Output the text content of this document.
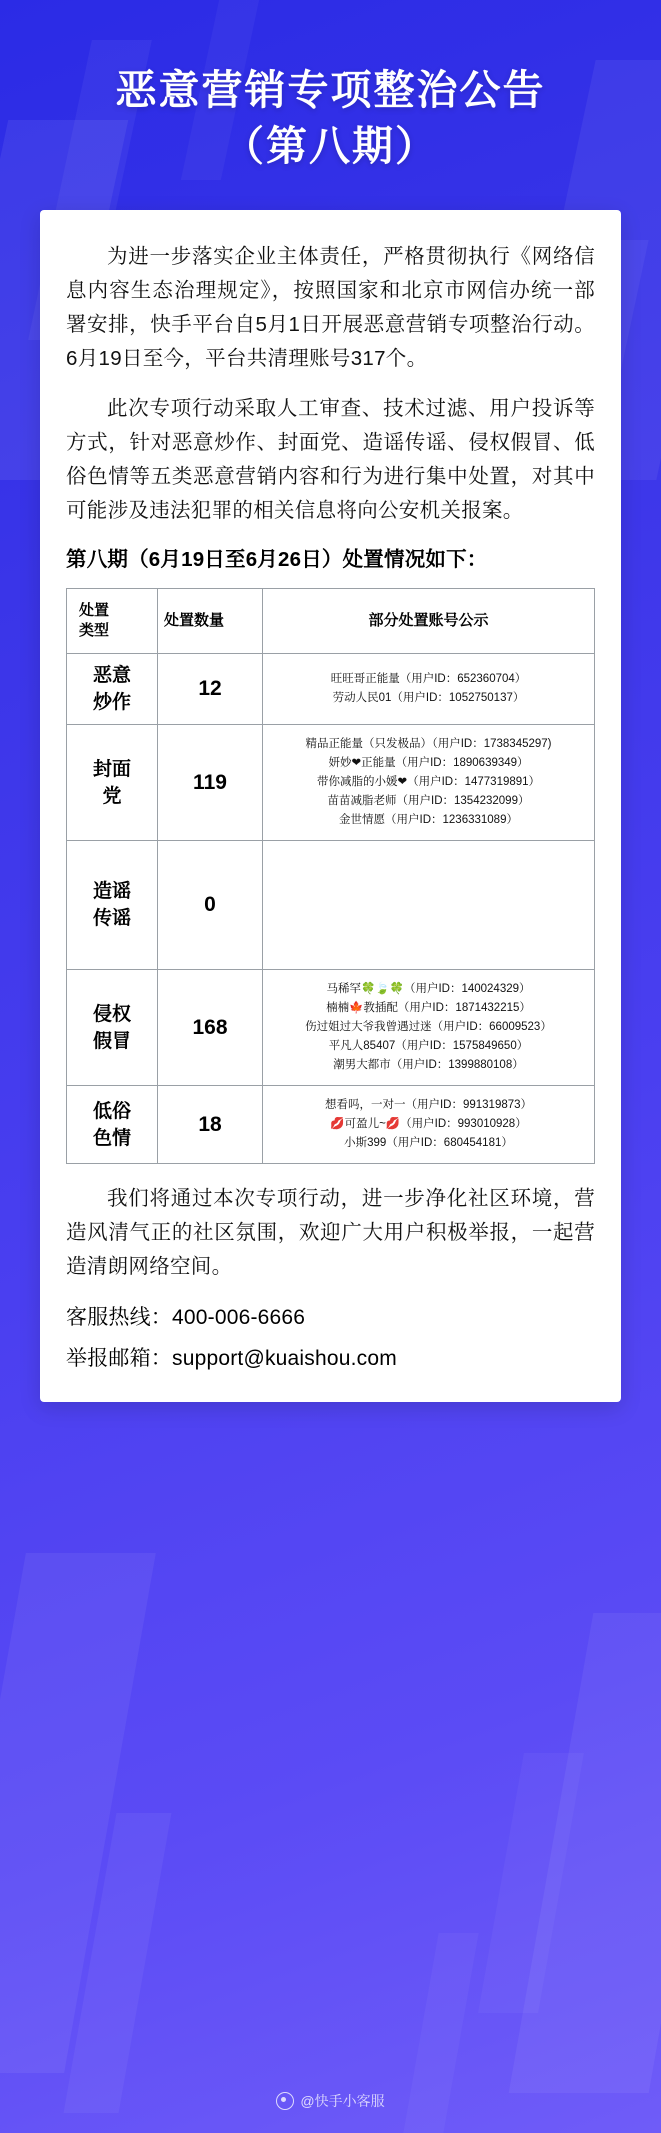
恶意营销专项整治公告
（第八期）

为进一步落实企业主体责任，严格贯彻执行《网络信息内容生态治理规定》，按照国家和北京市网信办统一部署安排，快手平台自5月1日开展恶意营销专项整治行动。6月19日至今，平台共清理账号317个。

此次专项行动采取人工审查、技术过滤、用户投诉等方式，针对恶意炒作、封面党、造谣传谣、侵权假冒、低俗色情等五类恶意营销内容和行为进行集中处置，对其中可能涉及违法犯罪的相关信息将向公安机关报案。

第八期（6月19日至6月26日）处置情况如下：
处置
类型	处置数量	部分处置账号公示

恶意
炒作
	12	旺旺哥正能量（用户ID：652360704）
劳动人民01（用户ID：1052750137）

封面
党
	119	
精品正能量（只发极品）（用户ID：1738345297)
妍妙❤正能量（用户ID：1890639349）
带你减脂的小媛❤（用户ID：1477319891）
苗苗减脂老师（用户ID：1354232099）
金世情愿（用户ID：1236331089）

造谣
传谣	0	

侵权
假冒
	168	
马稀罕🍀🍃🍀（用户ID：140024329）
楠楠🍁教插配（用户ID：1871432215）
伤过姐过大爷我曾遇过迷（用户ID：66009523）
平凡人85407（用户ID：1575849650）
潮男大都市（用户ID：1399880108）

低俗
色情
	18	
想看吗，一对一（用户ID：991319873）
💋可盈儿~💋（用户ID：993010928）
小斯399（用户ID：680454181）

我们将通过本次专项行动，进一步净化社区环境，营造风清气正的社区氛围，欢迎广大用户积极举报，一起营造清朗网络空间。

客服热线：400-006-6666
举报邮箱：support@kuaishou.com
@快手小客服
